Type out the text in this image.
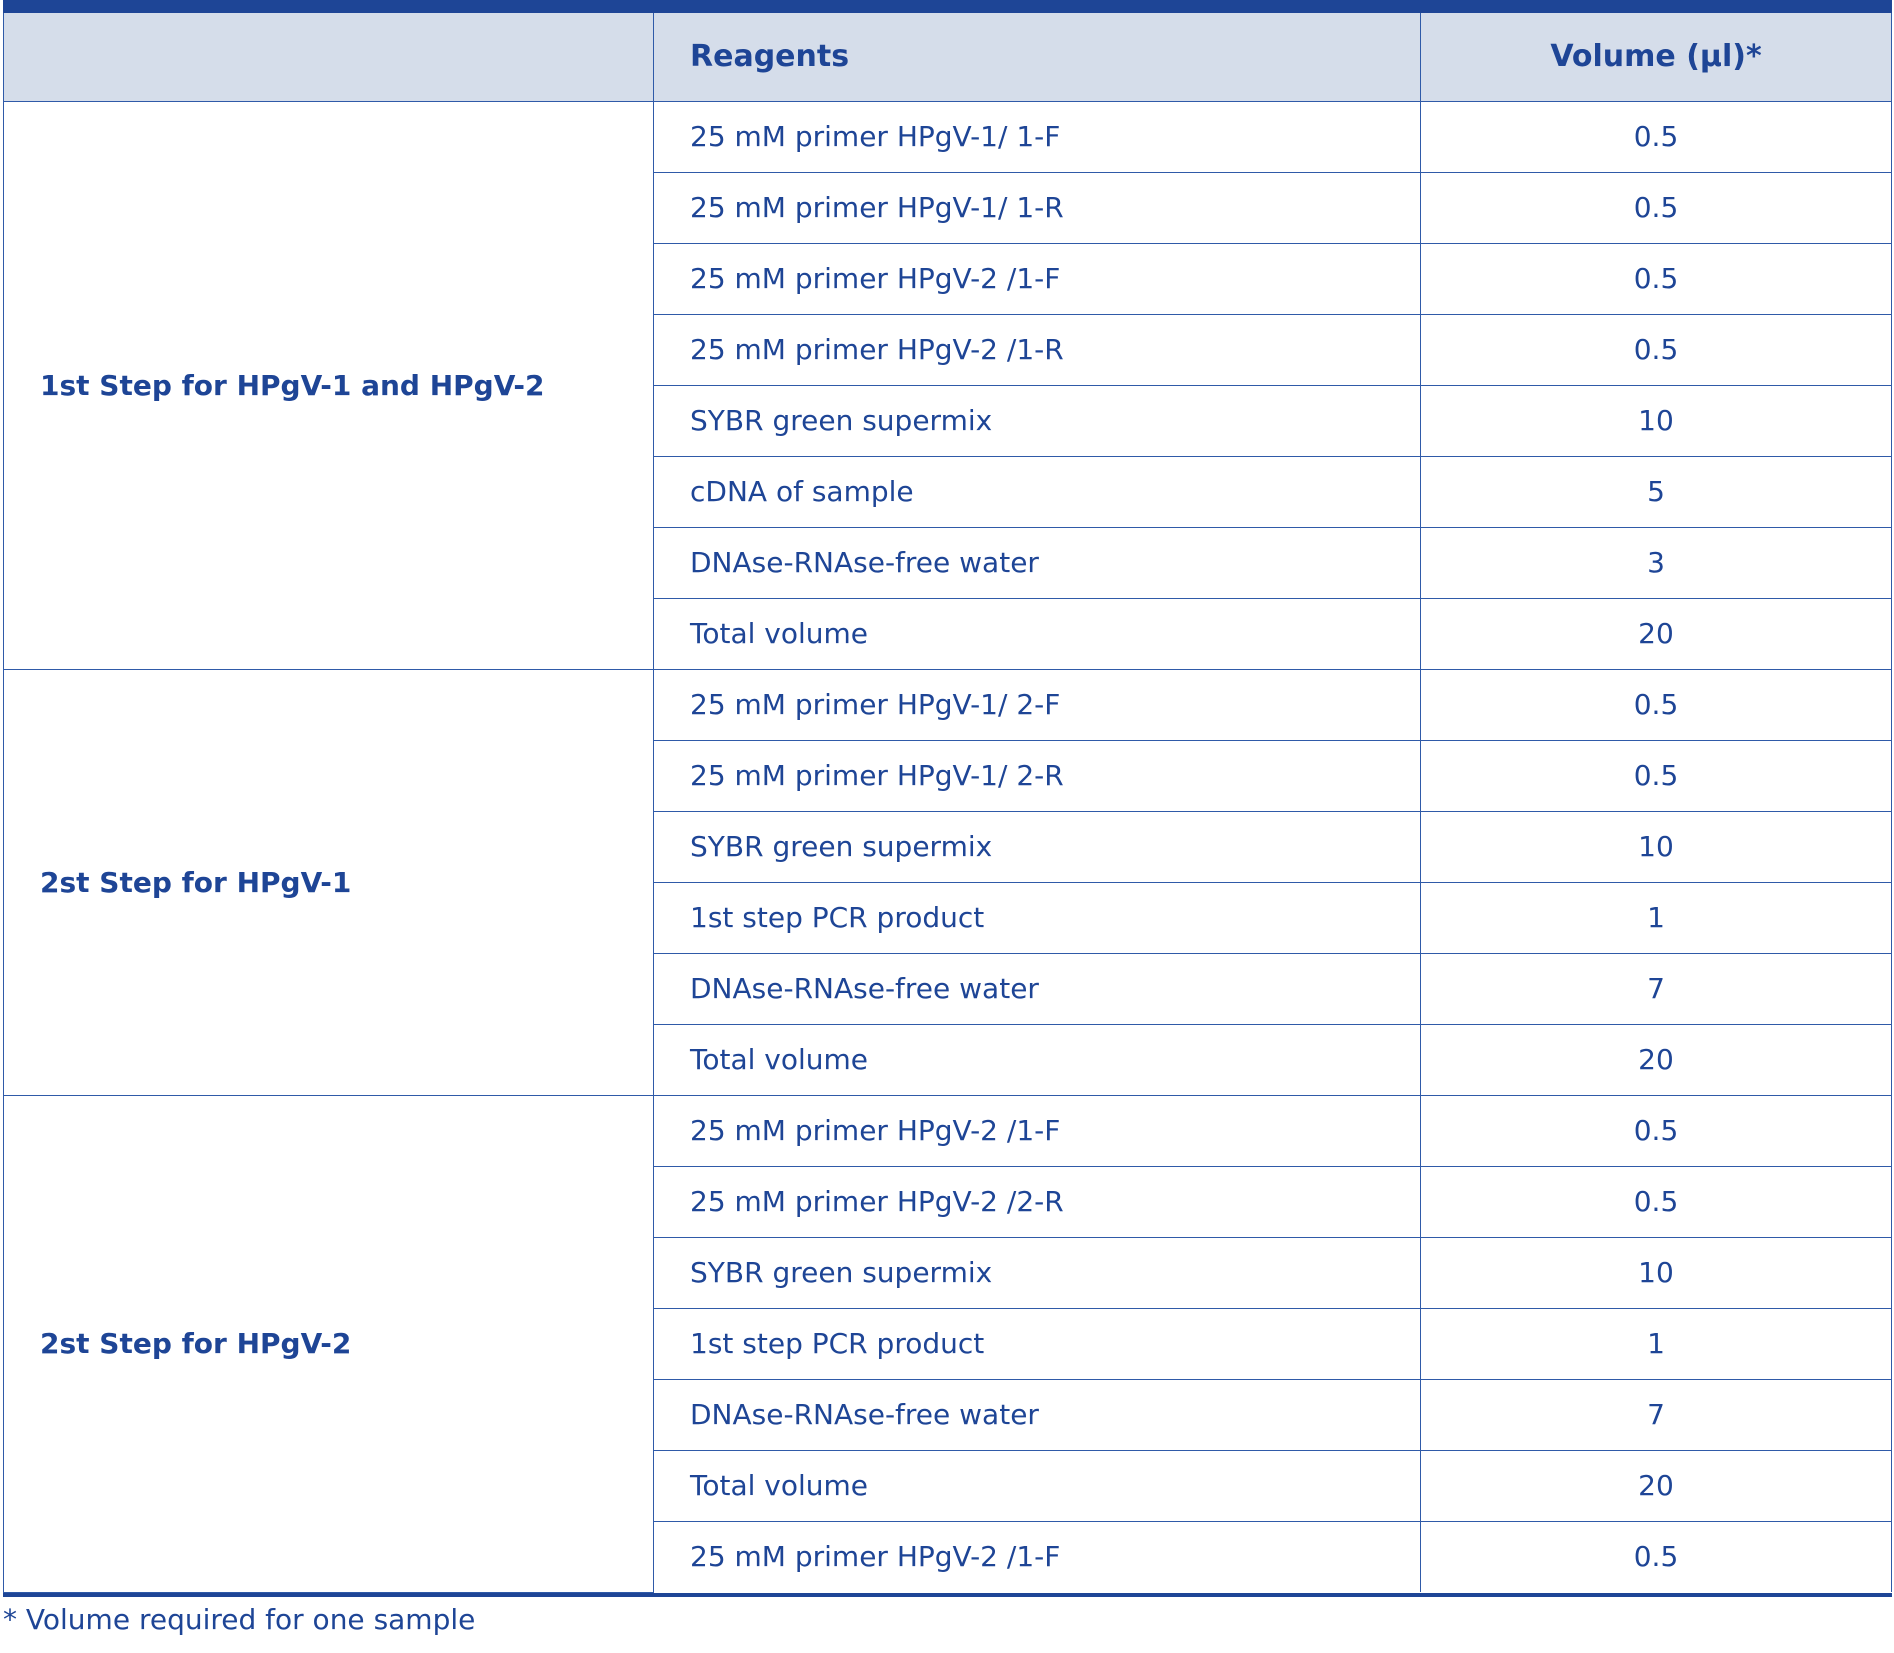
	Reagents	Volume (µl)*
1st Step for HPgV-1 and HPgV-2	25 mM primer HPgV-1/ 1-F	0.5
	25 mM primer HPgV-1/ 1-R	0.5
	25 mM primer HPgV-2 /1-F	0.5
	25 mM primer HPgV-2 /1-R	0.5
	SYBR green supermix	10
	cDNA of sample	5
	DNAse-RNAse-free water	3
	Total volume	20
2st Step for HPgV-1	25 mM primer HPgV-1/ 2-F	0.5
	25 mM primer HPgV-1/ 2-R	0.5
	SYBR green supermix	10
	1st step PCR product	1
	DNAse-RNAse-free water	7
	Total volume	20
2st Step for HPgV-2	25 mM primer HPgV-2 /1-F	0.5
	25 mM primer HPgV-2 /2-R	0.5
	SYBR green supermix	10
	1st step PCR product	1
	DNAse-RNAse-free water	7
	Total volume	20
	25 mM primer HPgV-2 /1-F	0.5

* Volume required for one sample
